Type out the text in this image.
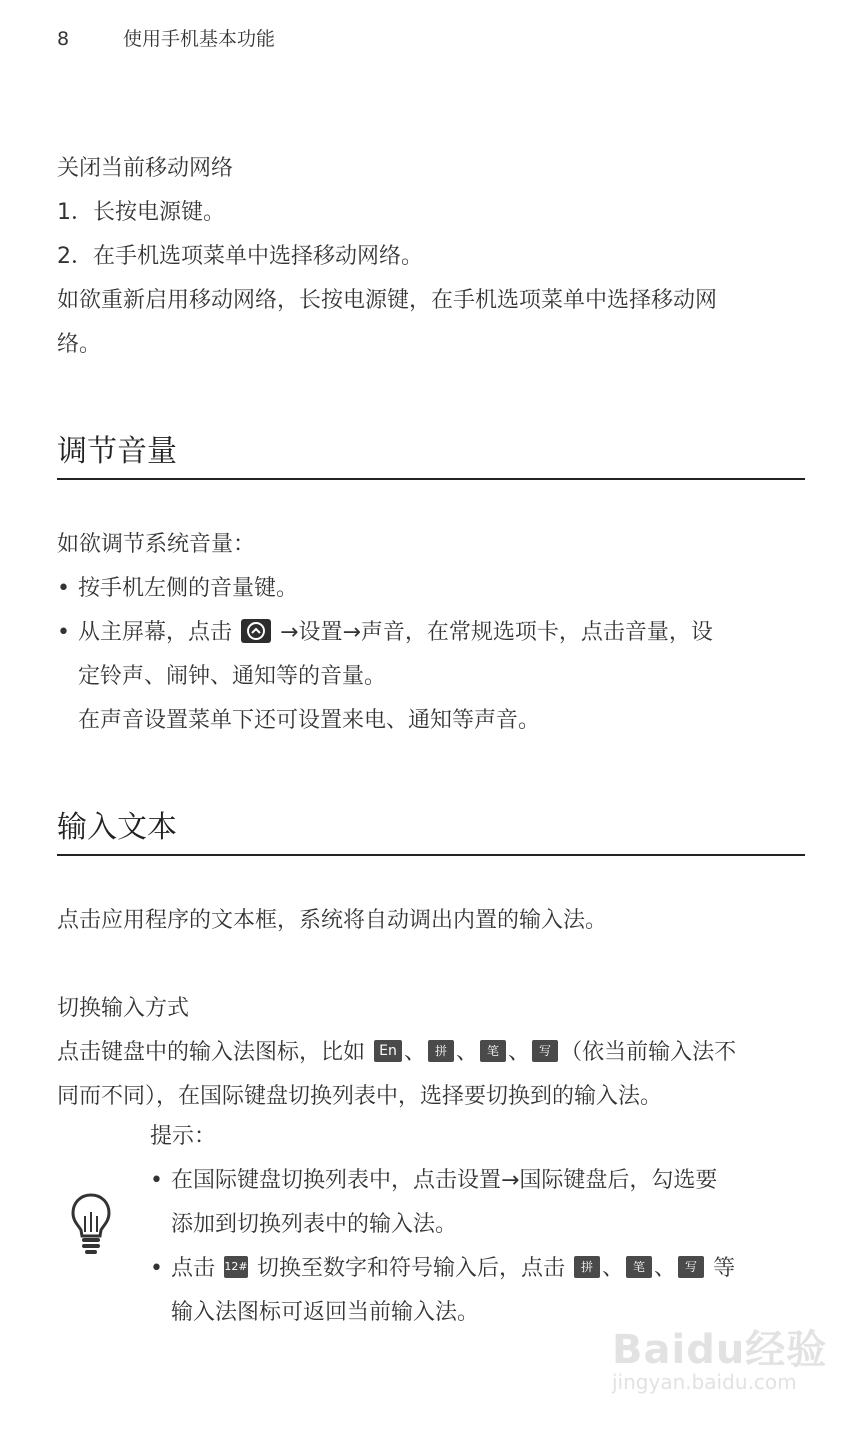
8	使用手机基本功能
关闭当前移动网络
1．长按电源键。
2．在手机选项菜单中选择移动网络。
如欲重新启用移动网络，长按电源键，在手机选项菜单中选择移动网
络。
调节音量
如欲调节系统音量：
• 按手机左侧的音量键。
• 从主屏幕，点击 →设置→声音，在常规选项卡，点击音量，设
定铃声、闹钟、通知等的音量。
在声音设置菜单下还可设置来电、通知等声音。
输入文本
点击应用程序的文本框，系统将自动调出内置的输入法。
切换输入方式
点击键盘中的输入法图标，比如 En 、 拼 、 笔 、 写 （依当前输入法不
同而不同），在国际键盘切换列表中，选择要切换到的输入法。
提示：
• 在国际键盘切换列表中，点击设置→国际键盘后，勾选要
添加到切换列表中的输入法。
• 点击 12# 切换至数字和符号输入后，点击 拼 、 笔 、 写 等
输入法图标可返回当前输入法。
Baidu经验
jingyan.baidu.com
